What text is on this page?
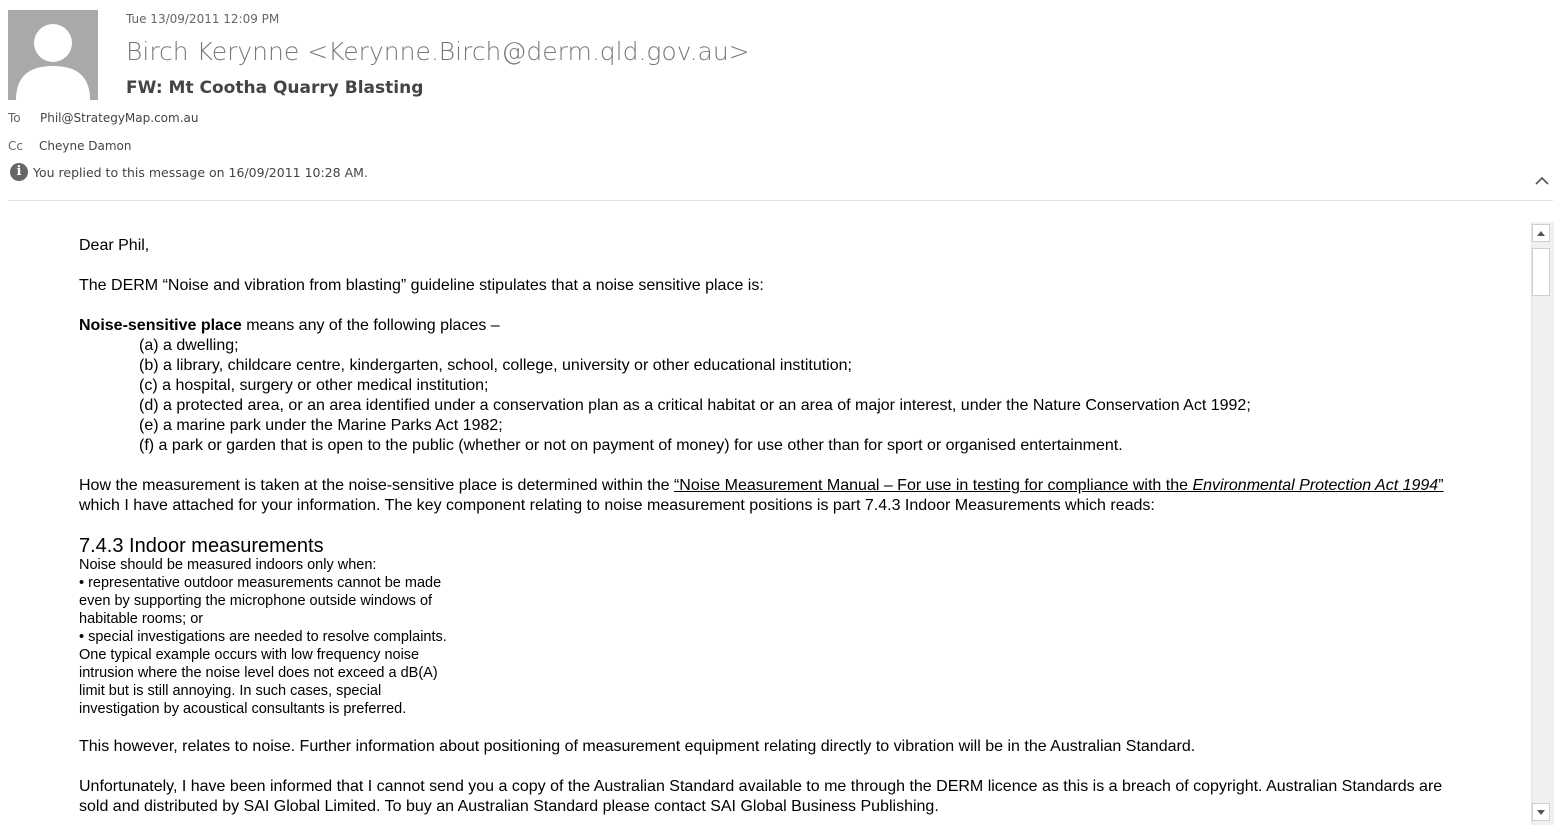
Tue 13/09/2011 12:09 PM
Birch Kerynne <Kerynne.Birch@derm.qld.gov.au>
FW: Mt Cootha Quarry Blasting
To Phil@StrategyMap.com.au
Cc Cheyne Damon
i You replied to this message on 16/09/2011 10:28 AM.

Dear Phil,

The DERM “Noise and vibration from blasting” guideline stipulates that a noise sensitive place is:

Noise-sensitive place means any of the following places –

(a) a dwelling;

(b) a library, childcare centre, kindergarten, school, college, university or other educational institution;

(c) a hospital, surgery or other medical institution;

(d) a protected area, or an area identified under a conservation plan as a critical habitat or an area of major interest, under the Nature Conservation Act 1992;

(e) a marine park under the Marine Parks Act 1982;

(f) a park or garden that is open to the public (whether or not on payment of money) for use other than for sport or organised entertainment.

How the measurement is taken at the noise-sensitive place is determined within the “Noise Measurement Manual – For use in testing for compliance with the Environmental Protection Act 1994”

which I have attached for your information. The key component relating to noise measurement positions is part 7.4.3 Indoor Measurements which reads:

7.4.3 Indoor measurements

Noise should be measured indoors only when:

• representative outdoor measurements cannot be made

even by supporting the microphone outside windows of

habitable rooms; or

• special investigations are needed to resolve complaints.

One typical example occurs with low frequency noise

intrusion where the noise level does not exceed a dB(A)

limit but is still annoying. In such cases, special

investigation by acoustical consultants is preferred.

This however, relates to noise. Further information about positioning of measurement equipment relating directly to vibration will be in the Australian Standard.

Unfortunately, I have been informed that I cannot send you a copy of the Australian Standard available to me through the DERM licence as this is a breach of copyright. Australian Standards are

sold and distributed by SAI Global Limited. To buy an Australian Standard please contact SAI Global Business Publishing.
